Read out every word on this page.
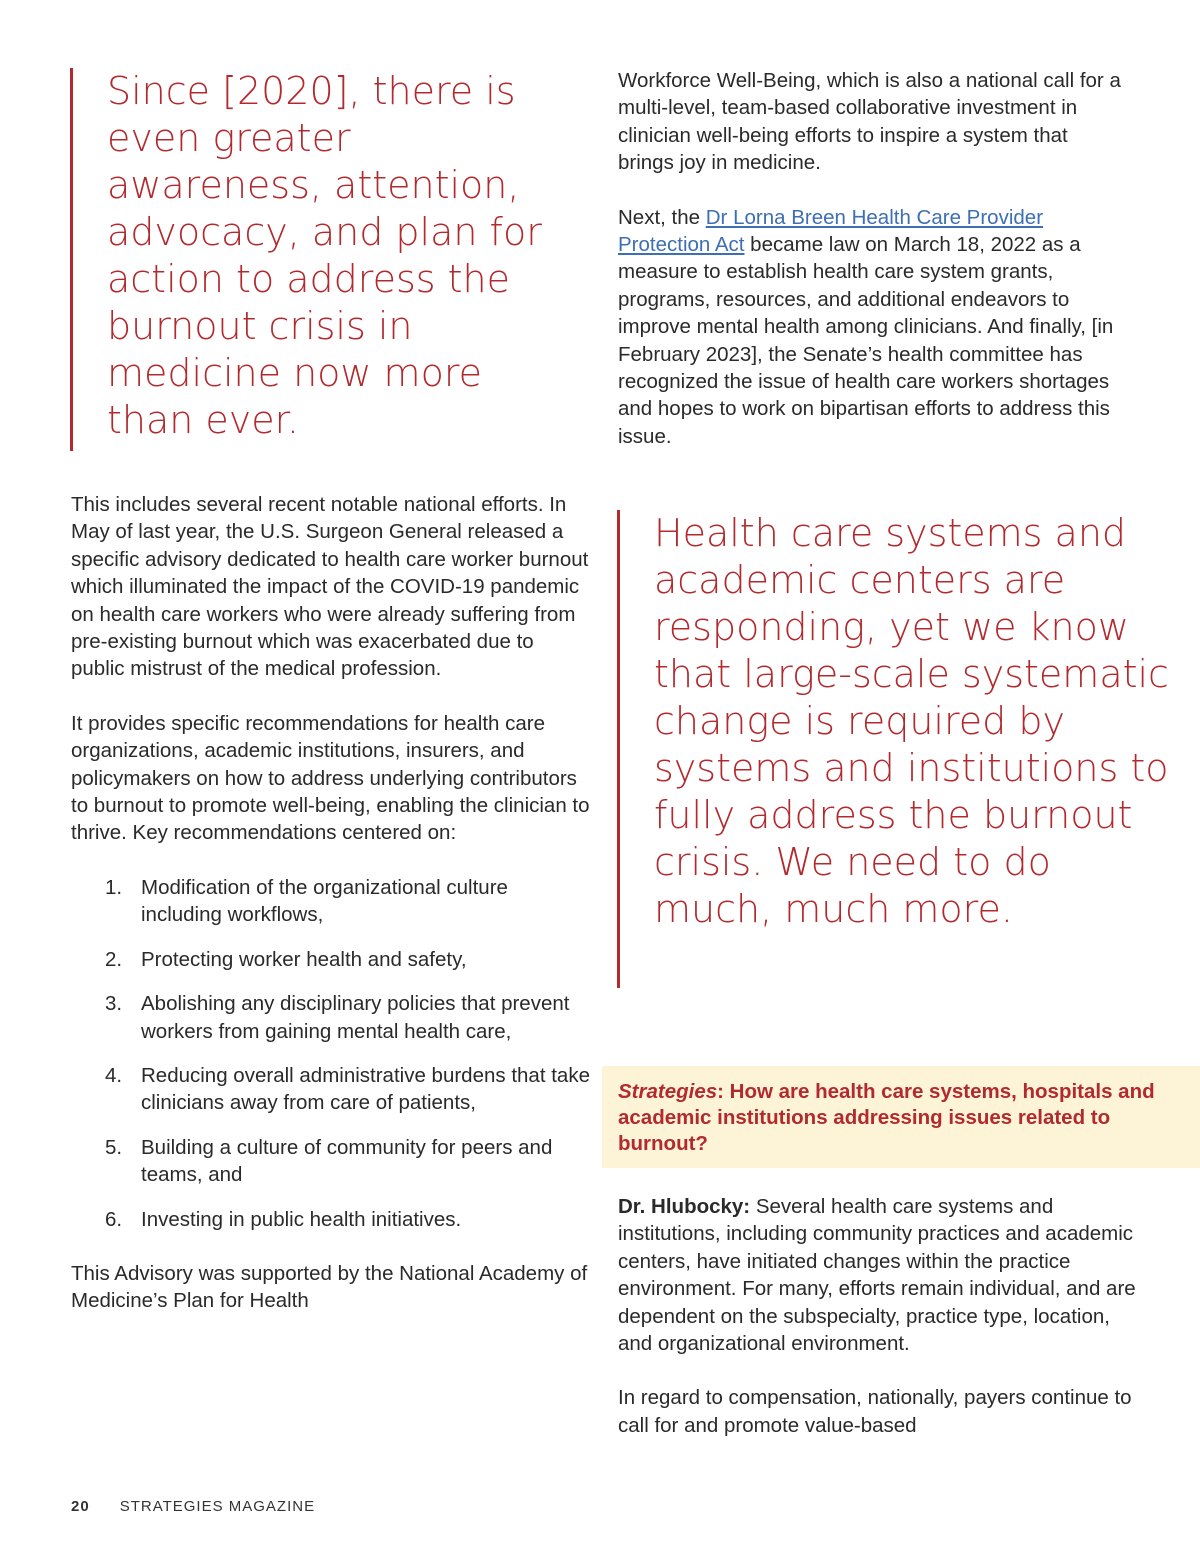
Since [2020], there is even greater awareness, attention, advocacy, and plan for action to address the burnout crisis in medicine now more than ever.

This includes several recent notable national efforts. In May of last year, the U.S. Surgeon General released a specific advisory dedicated to health care worker burnout which illuminated the impact of the COVID-19 pandemic on health care workers who were already suffering from pre-existing burnout which was exacerbated due to public mistrust of the medical profession.

It provides specific recommendations for health care organizations, academic institutions, insurers, and policymakers on how to address underlying contributors to burnout to promote well-being, enabling the clinician to thrive. Key recommendations centered on:

1. Modification of the organizational culture including workflows,
2. Protecting worker health and safety,
3. Abolishing any disciplinary policies that prevent workers from gaining mental health care,
4. Reducing overall administrative burdens that take clinicians away from care of patients,
5. Building a culture of community for peers and teams, and
6. Investing in public health initiatives.

This Advisory was supported by the National Academy of Medicine’s Plan for Health

Workforce Well-Being, which is also a national call for a multi-level, team-based collaborative investment in clinician well-being efforts to inspire a system that brings joy in medicine.

Next, the Dr Lorna Breen Health Care Provider Protection Act became law on March 18, 2022 as a measure to establish health care system grants, programs, resources, and additional endeavors to improve mental health among clinicians. And finally, [in February 2023], the Senate’s health committee has recognized the issue of health care workers shortages and hopes to work on bipartisan efforts to address this issue.

Health care systems and academic centers are responding, yet we know that large-scale systematic change is required by systems and institutions to fully address the burnout crisis. We need to do much, much more.

Strategies: How are health care systems, hospitals and academic institutions addressing issues related to burnout?

Dr. Hlubocky: Several health care systems and institutions, including community practices and academic centers, have initiated changes within the practice environment. For many, efforts remain individual, and are dependent on the subspecialty, practice type, location, and organizational environment.

In regard to compensation, nationally, payers continue to call for and promote value-based

20 STRATEGIES MAGAZINE
